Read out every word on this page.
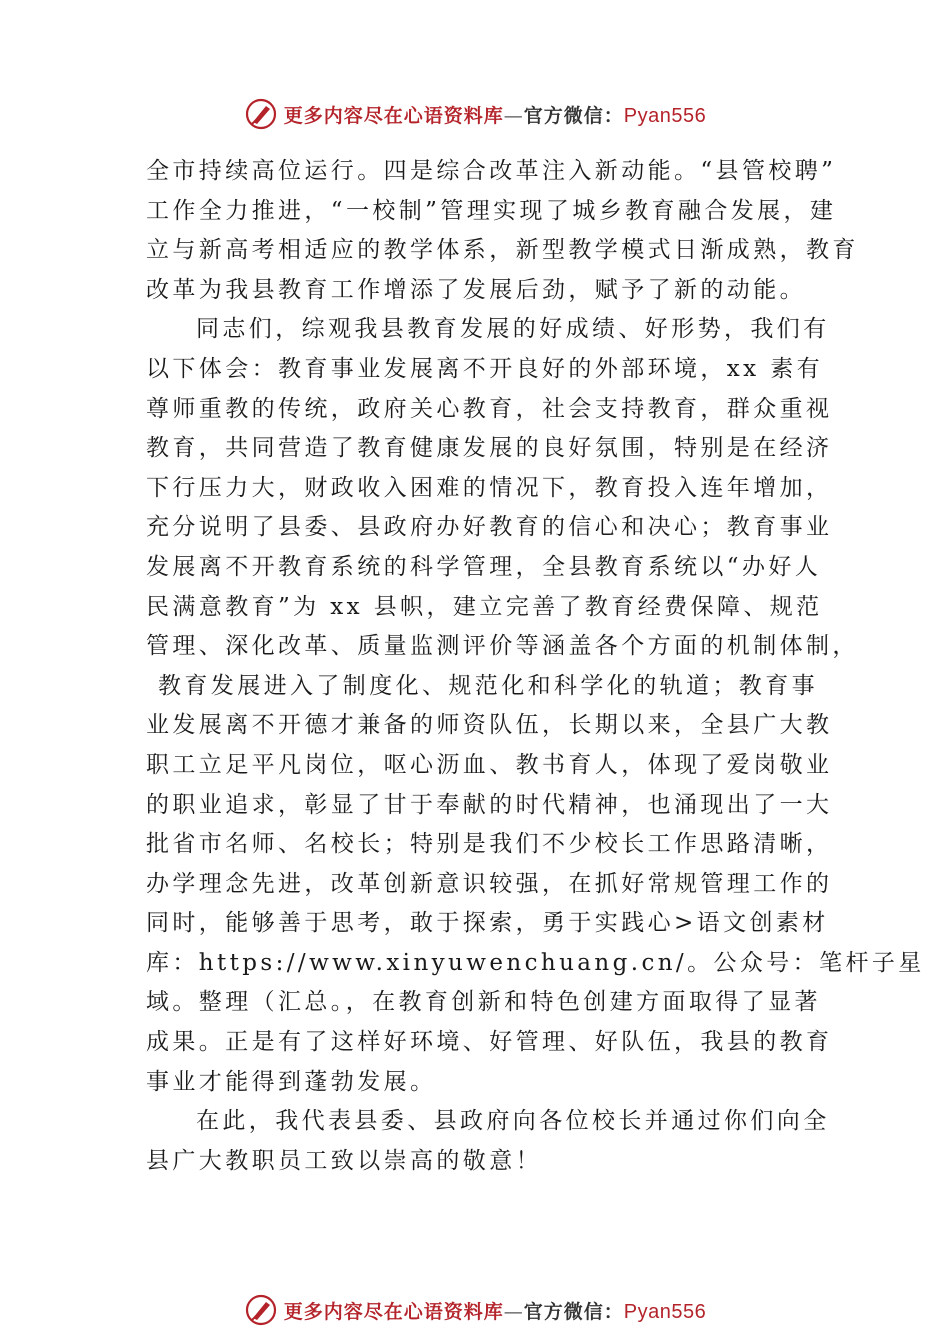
更多内容尽在心语资料库—官方微信：Pyan556
全市持续高位运行。四是综合改革注入新动能。“县管校聘”
工作全力推进，“一校制”管理实现了城乡教育融合发展，建
立与新高考相适应的教学体系，新型教学模式日渐成熟，教育
改革为我县教育工作增添了发展后劲，赋予了新的动能。
同志们，综观我县教育发展的好成绩、好形势，我们有
以下体会：教育事业发展离不开良好的外部环境，xx 素有
尊师重教的传统，政府关心教育，社会支持教育，群众重视
教育，共同营造了教育健康发展的良好氛围，特别是在经济
下行压力大，财政收入困难的情况下，教育投入连年增加，
充分说明了县委、县政府办好教育的信心和决心；教育事业
发展离不开教育系统的科学管理，全县教育系统以“办好人
民满意教育”为 xx 县帜，建立完善了教育经费保障、规范
管理、深化改革、质量监测评价等涵盖各个方面的机制体制，
教育发展进入了制度化、规范化和科学化的轨道；教育事
业发展离不开德才兼备的师资队伍，长期以来，全县广大教
职工立足平凡岗位，呕心沥血、教书育人，体现了爱岗敬业
的职业追求，彰显了甘于奉献的时代精神，也涌现出了一大
批省市名师、名校长；特别是我们不少校长工作思路清晰，
办学理念先进，改革创新意识较强，在抓好常规管理工作的
同时，能够善于思考，敢于探索，勇于实践心>语文创素材
库：https://www.xinyuwenchuang.cn/。公众号：笔杆子星
域。整理（汇总。，在教育创新和特色创建方面取得了显著
成果。正是有了这样好环境、好管理、好队伍，我县的教育
事业才能得到蓬勃发展。
在此，我代表县委、县政府向各位校长并通过你们向全
县广大教职员工致以崇高的敬意！
更多内容尽在心语资料库—官方微信：Pyan556
